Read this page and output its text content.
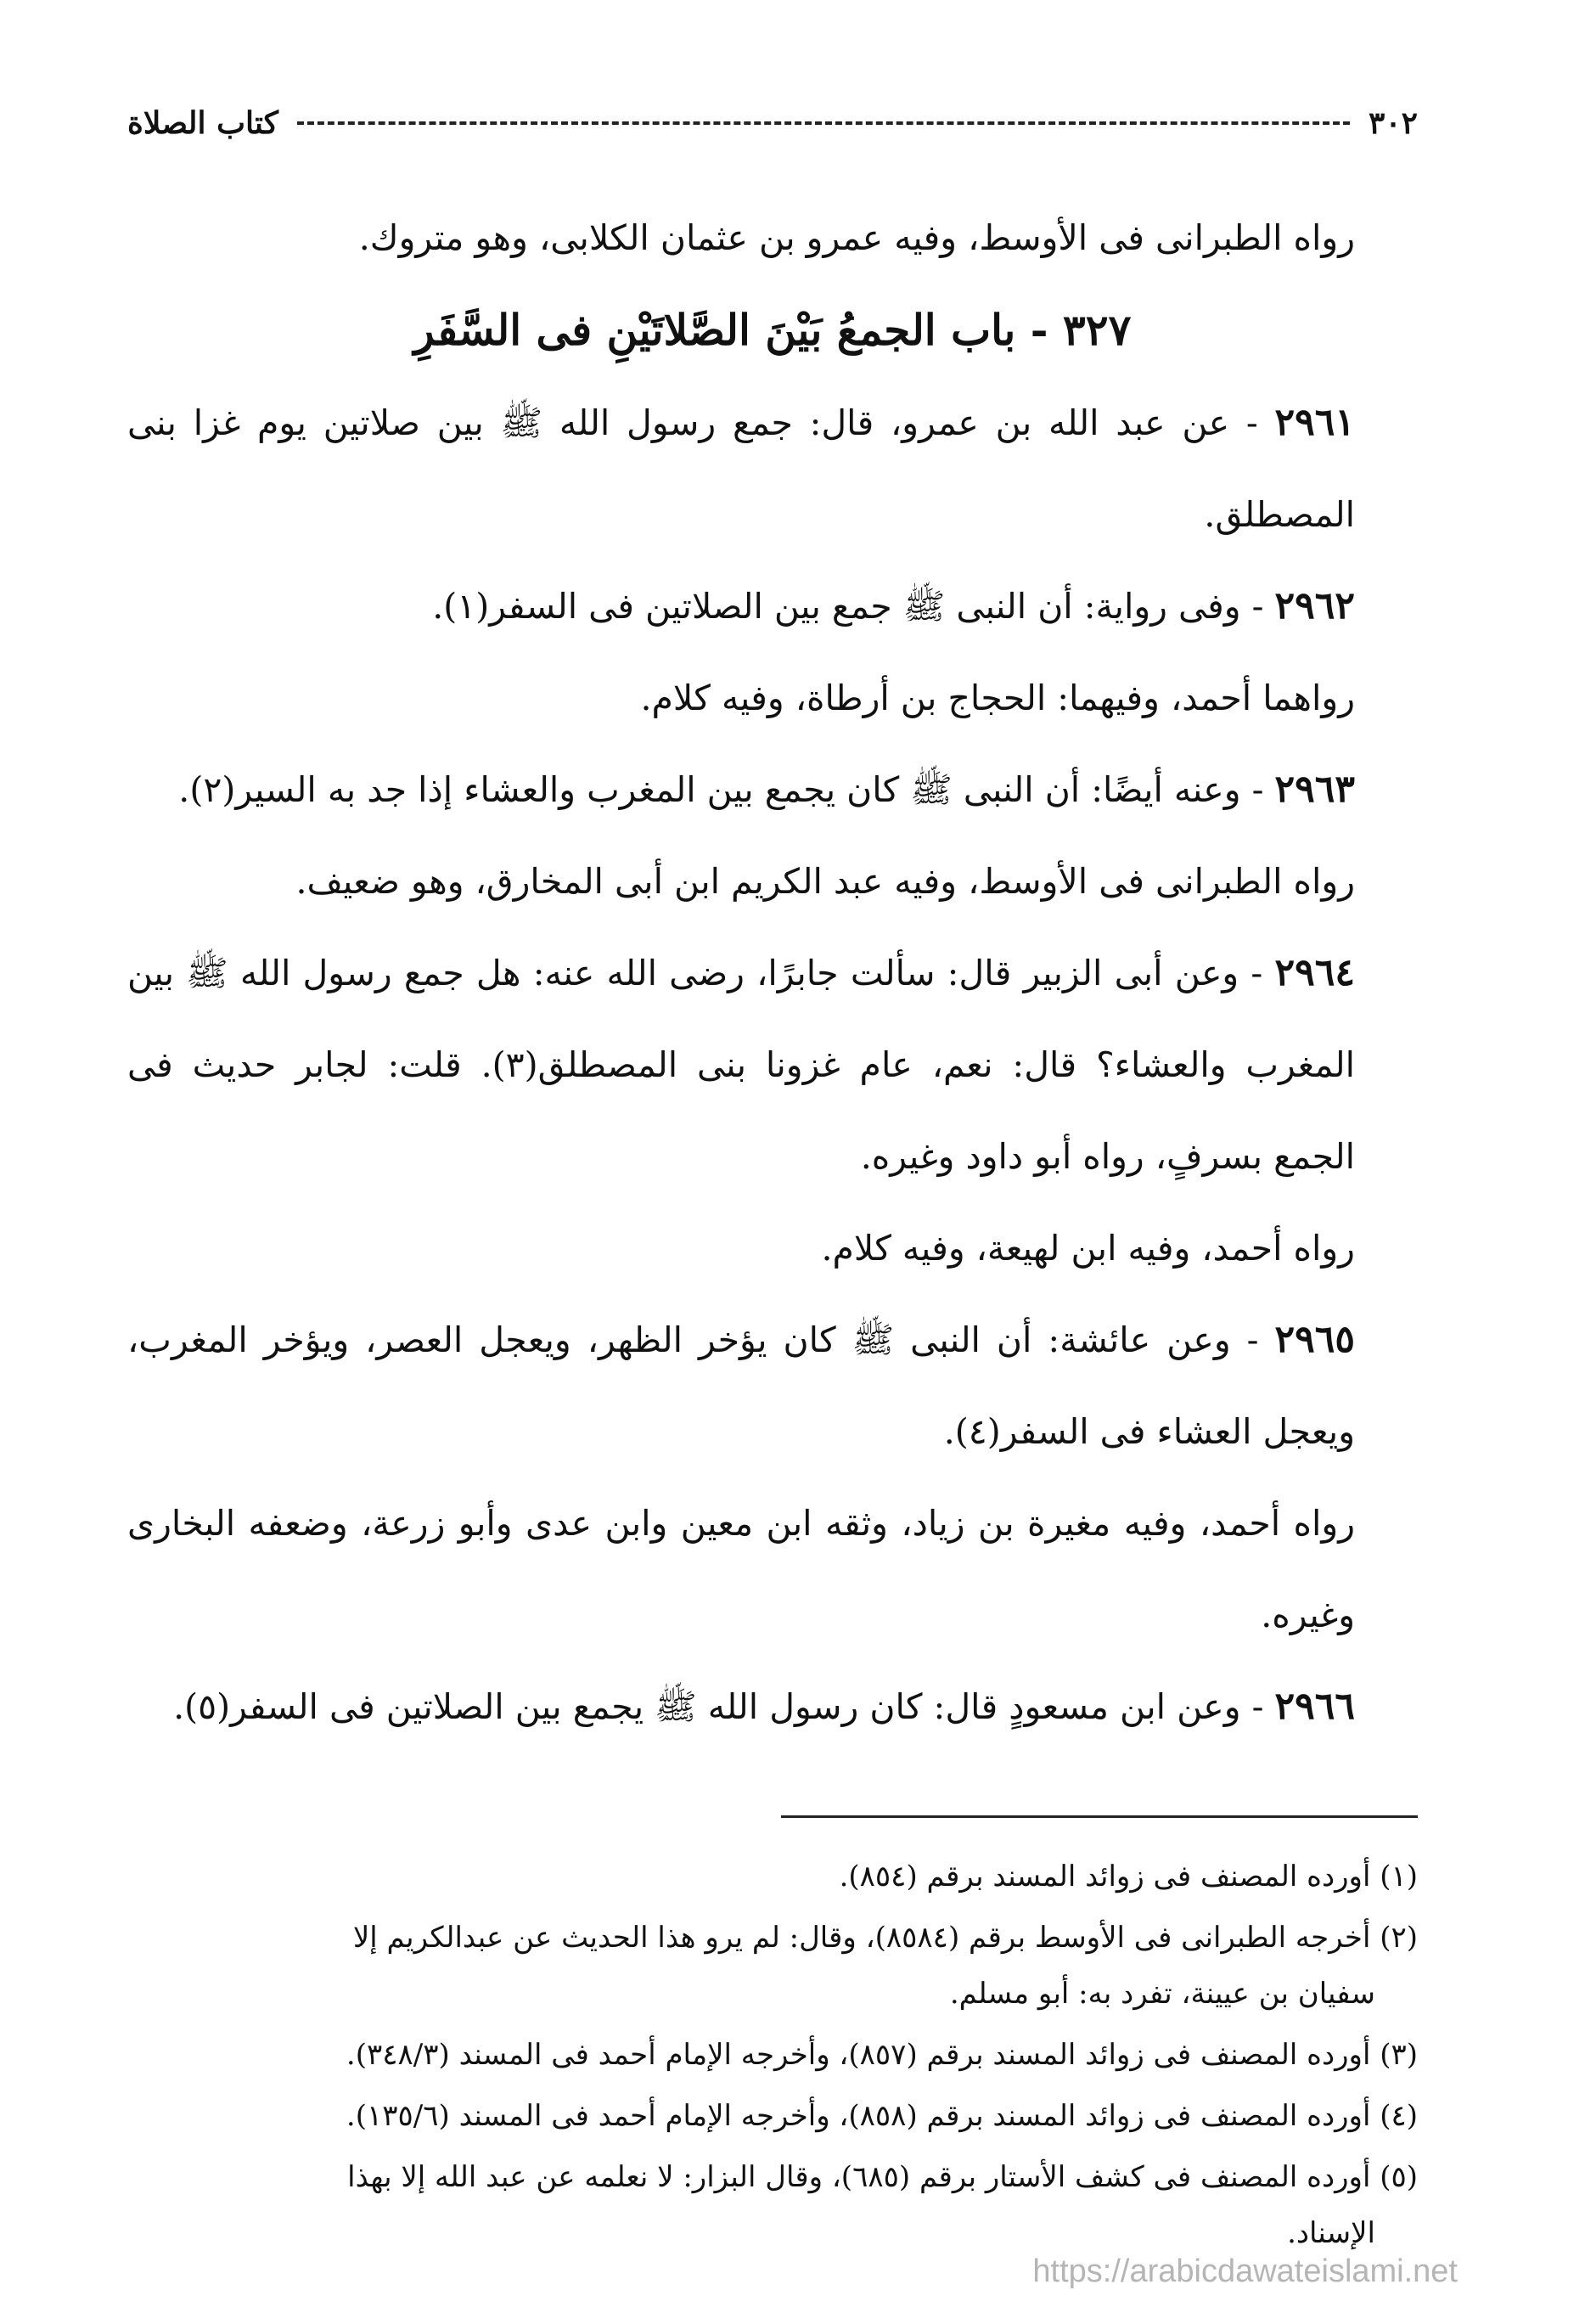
٣٠٢
كتاب الصلاة

رواه الطبرانى فى الأوسط، وفيه عمرو بن عثمان الكلابى، وهو متروك.

٣٢٧ - باب الجمعُ بَيْنَ الصَّلاتَيْنِ فى السَّفَرِ

٢٩٦١ - عن عبد الله بن عمرو، قال: جمع رسول الله ﷺ بين صلاتين يوم غزا بنى المصطلق.

٢٩٦٢ - وفى رواية: أن النبى ﷺ جمع بين الصلاتين فى السفر(١).

رواهما أحمد، وفيهما: الحجاج بن أرطاة، وفيه كلام.

٢٩٦٣ - وعنه أيضًا: أن النبى ﷺ كان يجمع بين المغرب والعشاء إذا جد به السير(٢).

رواه الطبرانى فى الأوسط، وفيه عبد الكريم ابن أبى المخارق، وهو ضعيف.

٢٩٦٤ - وعن أبى الزبير قال: سألت جابرًا، رضى الله عنه: هل جمع رسول الله ﷺ بين المغرب والعشاء؟ قال: نعم، عام غزونا بنى المصطلق(٣). قلت: لجابر حديث فى الجمع بسرفٍ، رواه أبو داود وغيره.

رواه أحمد، وفيه ابن لهيعة، وفيه كلام.

٢٩٦٥ - وعن عائشة: أن النبى ﷺ كان يؤخر الظهر، ويعجل العصر، ويؤخر المغرب، ويعجل العشاء فى السفر(٤).

رواه أحمد، وفيه مغيرة بن زياد، وثقه ابن معين وابن عدى وأبو زرعة، وضعفه البخارى وغيره.

٢٩٦٦ - وعن ابن مسعودٍ قال: كان رسول الله ﷺ يجمع بين الصلاتين فى السفر(٥).

(١) أورده المصنف فى زوائد المسند برقم (٨٥٤).

(٢) أخرجه الطبرانى فى الأوسط برقم (٨٥٨٤)، وقال: لم يرو هذا الحديث عن عبدالكريم إلا
سفيان بن عيينة، تفرد به: أبو مسلم.

(٣) أورده المصنف فى زوائد المسند برقم (٨٥٧)، وأخرجه الإمام أحمد فى المسند (٣٤٨/٣).

(٤) أورده المصنف فى زوائد المسند برقم (٨٥٨)، وأخرجه الإمام أحمد فى المسند (١٣٥/٦).

(٥) أورده المصنف فى كشف الأستار برقم (٦٨٥)، وقال البزار: لا نعلمه عن عبد الله إلا بهذا
الإسناد.

https://arabicdawateislami.net
